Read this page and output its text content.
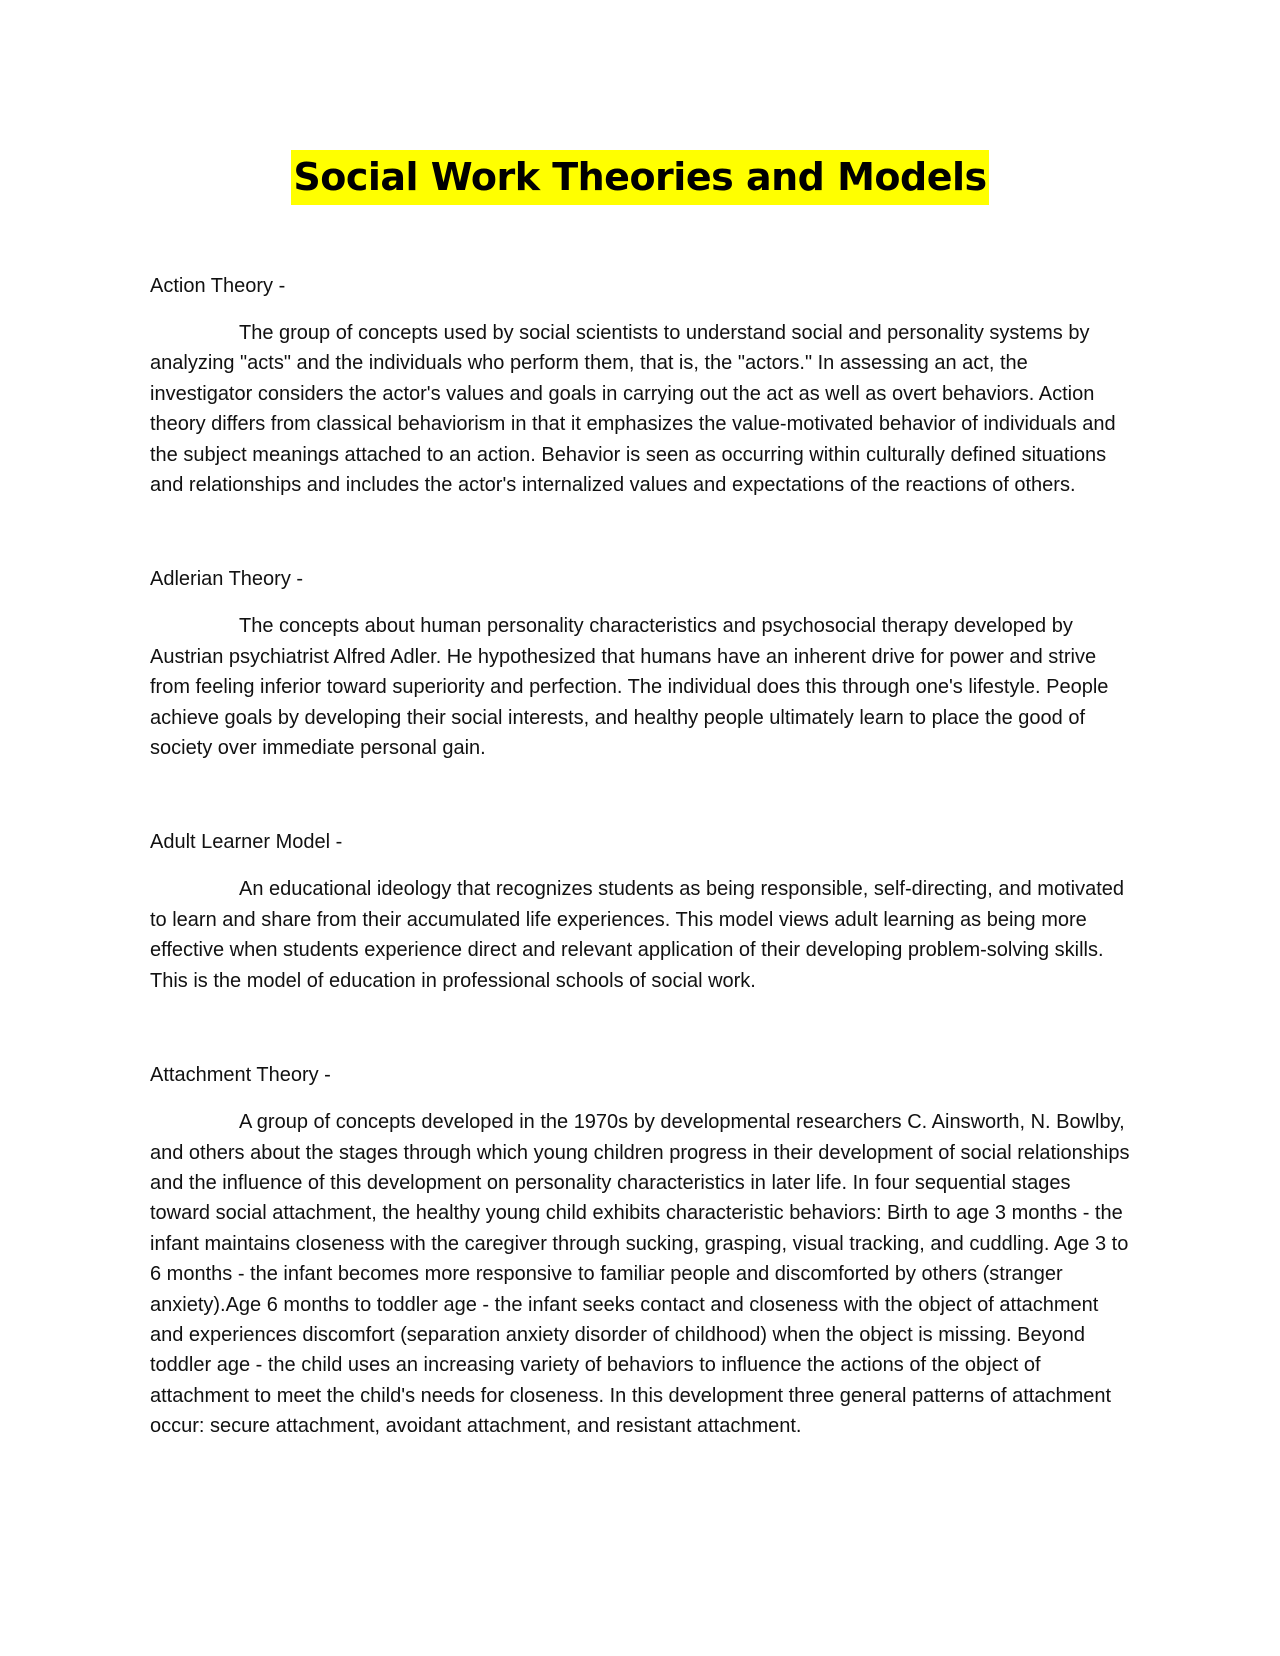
Social Work Theories and Models

Action Theory -

The group of concepts used by social scientists to understand social and personality systems by analyzing "acts" and the individuals who perform them, that is, the "actors." In assessing an act, the investigator considers the actor's values and goals in carrying out the act as well as overt behaviors. Action theory differs from classical behaviorism in that it emphasizes the value-motivated behavior of individuals and the subject meanings attached to an action. Behavior is seen as occurring within culturally defined situations and relationships and includes the actor's internalized values and expectations of the reactions of others.

Adlerian Theory -

The concepts about human personality characteristics and psychosocial therapy developed by Austrian psychiatrist Alfred Adler. He hypothesized that humans have an inherent drive for power and strive from feeling inferior toward superiority and perfection. The individual does this through one's lifestyle. People achieve goals by developing their social interests, and healthy people ultimately learn to place the good of society over immediate personal gain.

Adult Learner Model -

An educational ideology that recognizes students as being responsible, self-directing, and motivated to learn and share from their accumulated life experiences. This model views adult learning as being more effective when students experience direct and relevant application of their developing problem-solving skills. This is the model of education in professional schools of social work.

Attachment Theory -

A group of concepts developed in the 1970s by developmental researchers C. Ainsworth, N. Bowlby, and others about the stages through which young children progress in their development of social relationships and the influence of this development on personality characteristics in later life. In four sequential stages toward social attachment, the healthy young child exhibits characteristic behaviors: Birth to age 3 months - the infant maintains closeness with the caregiver through sucking, grasping, visual tracking, and cuddling. Age 3 to 6 months - the infant becomes more responsive to familiar people and discomforted by others (stranger anxiety).Age 6 months to toddler age - the infant seeks contact and closeness with the object of attachment and experiences discomfort (separation anxiety disorder of childhood) when the object is missing. Beyond toddler age - the child uses an increasing variety of behaviors to influence the actions of the object of attachment to meet the child's needs for closeness. In this development three general patterns of attachment occur: secure attachment, avoidant attachment, and resistant attachment.
